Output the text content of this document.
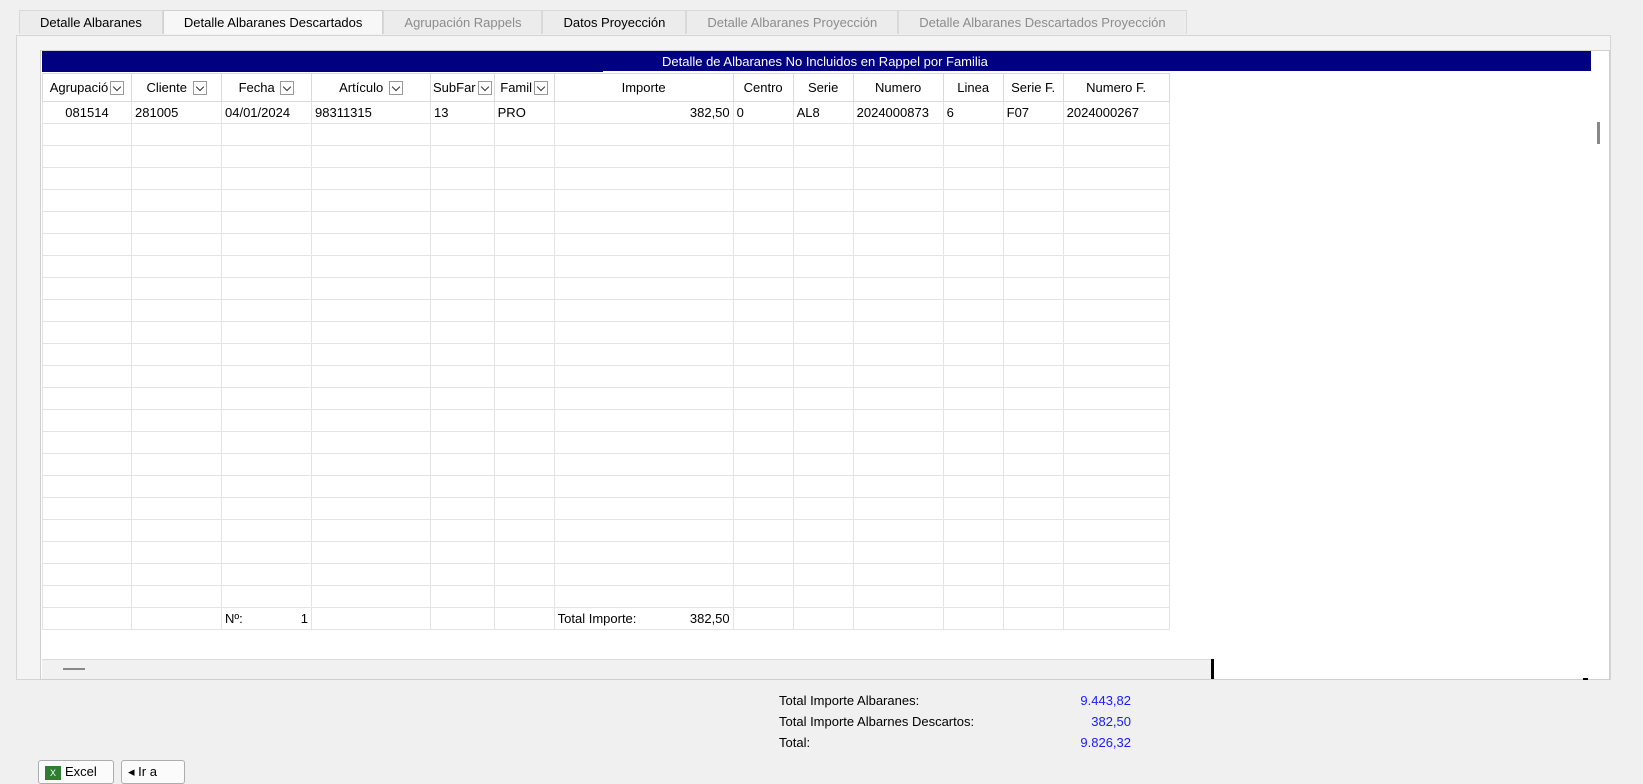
Detalle Albaranes	Detalle Albaranes Descartados	Agrupación Rappels	Datos Proyección	Detalle Albaranes Proyección	Detalle Albaranes Descartados Proyección
Detalle de Albaranes No Incluidos en Rappel por Familia
Agrupació	Cliente	Fecha	Artículo	SubFar	Famil	Importe	Centro	Serie	Numero	Linea	Serie F.	Numero F.
081514	281005	04/01/2024	98311315	13	PRO	382,50	0	AL8	2024000873	6	F07	2024000267

		Nº: 1				Total Importe: 382,50						

Total Importe Albaranes:	9.443,82
Total Importe Albarnes Descartos:	382,50
Total:	9.826,32
X Excel	◂ Ir a
